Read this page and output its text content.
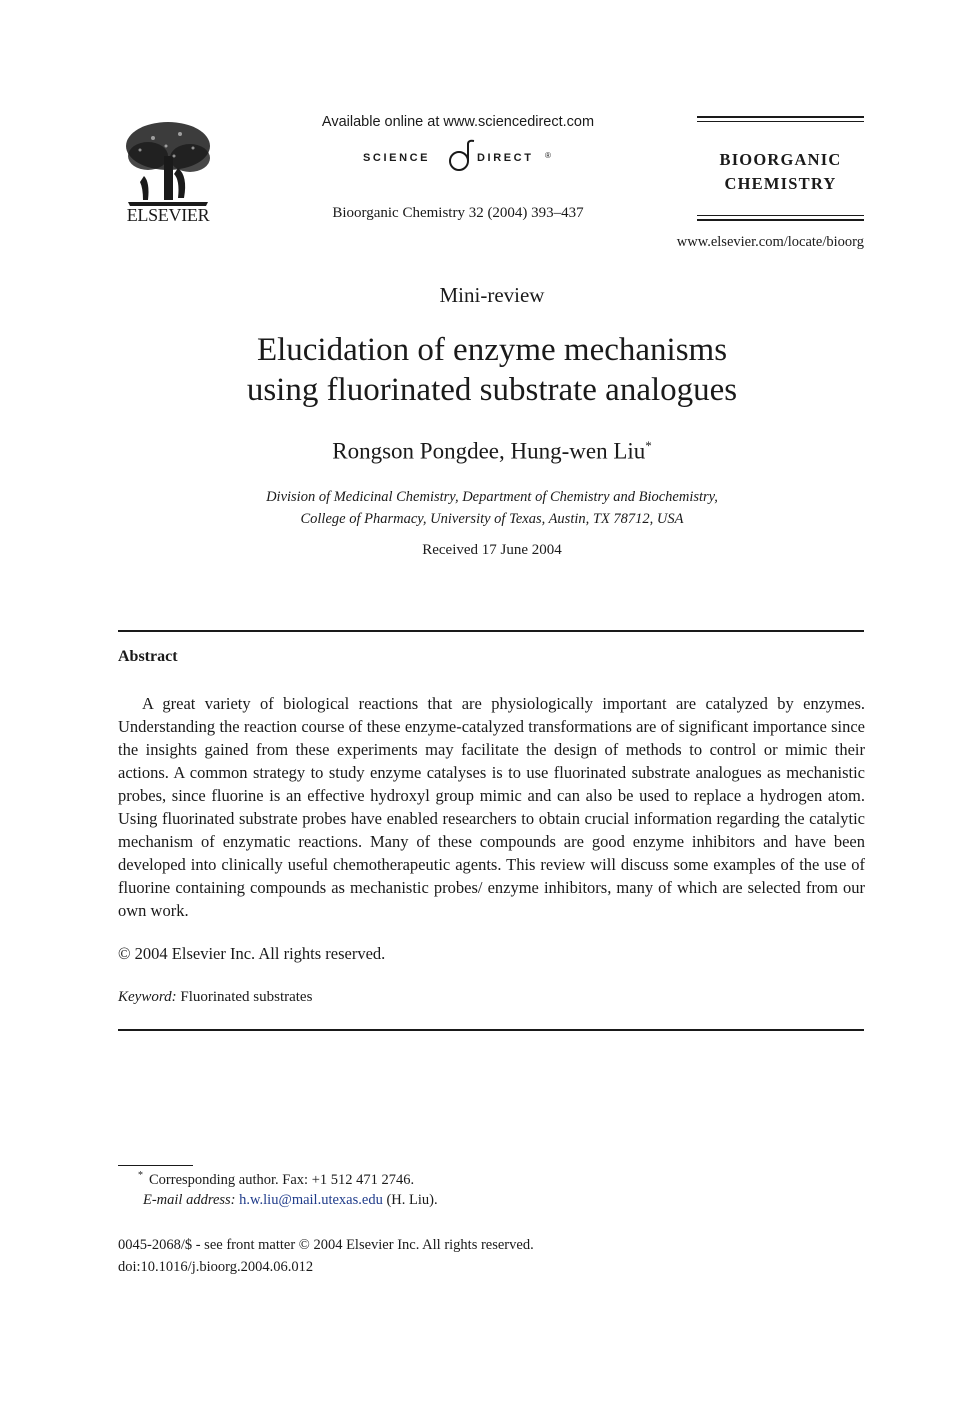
ELSEVIER
Available online at www.sciencedirect.com
SCIENCE	DIRECT ®
Bioorganic Chemistry 32 (2004) 393–437
BIOORGANIC
CHEMISTRY
www.elsevier.com/locate/bioorg
Mini-review
Elucidation of enzyme mechanisms
using fluorinated substrate analogues
Rongson Pongdee, Hung-wen Liu*
Division of Medicinal Chemistry, Department of Chemistry and Biochemistry,
College of Pharmacy, University of Texas, Austin, TX 78712, USA
Received 17 June 2004
Abstract
A great variety of biological reactions that are physiologically important are catalyzed by enzymes. Understanding the reaction course of these enzyme-catalyzed transformations are of significant importance since the insights gained from these experiments may facilitate the design of methods to control or mimic their actions. A common strategy to study enzyme catalyses is to use fluorinated substrate analogues as mechanistic probes, since fluorine is an effective hydroxyl group mimic and can also be used to replace a hydrogen atom. Using fluorinated substrate probes have enabled researchers to obtain crucial information regarding the catalytic mechanism of enzymatic reactions. Many of these compounds are good enzyme inhibitors and have been developed into clinically useful chemotherapeutic agents. This review will discuss some examples of the use of fluorine containing compounds as mechanistic probes/ enzyme inhibitors, many of which are selected from our own work.
© 2004 Elsevier Inc. All rights reserved.
Keyword: Fluorinated substrates
* Corresponding author. Fax: +1 512 471 2746.
E-mail address: h.w.liu@mail.utexas.edu (H. Liu).
0045-2068/$ - see front matter © 2004 Elsevier Inc. All rights reserved.
doi:10.1016/j.bioorg.2004.06.012
